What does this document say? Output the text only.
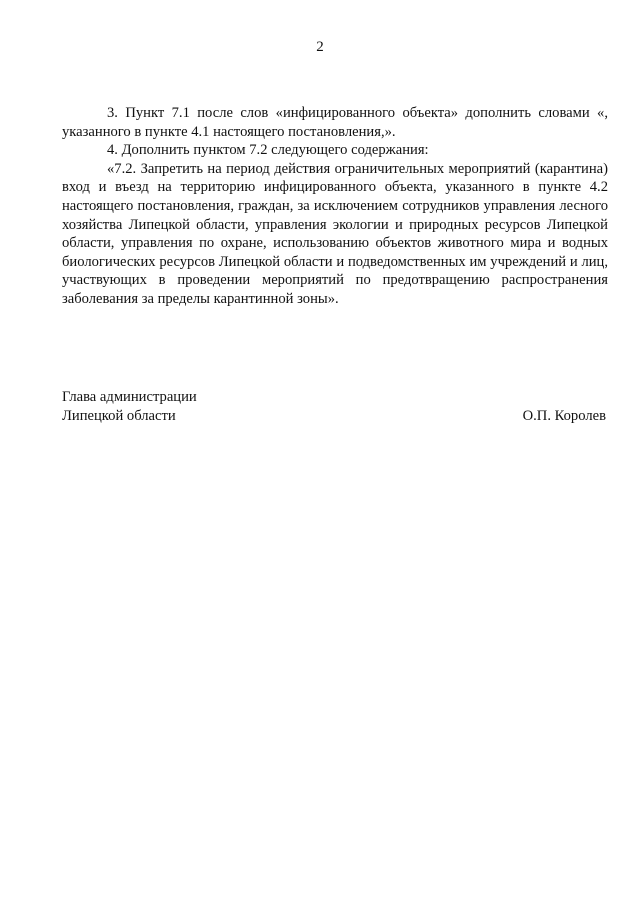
2

3. Пункт 7.1 после слов «инфицированного объекта» дополнить словами «, указанного в пункте 4.1 настоящего постановления,».

4. Дополнить пунктом 7.2 следующего содержания:

«7.2. Запретить на период действия ограничительных мероприятий (карантина) вход и въезд на территорию инфицированного объекта, указанного в пункте 4.2 настоящего постановления, граждан, за исключением сотрудников управления лесного хозяйства Липецкой области, управления экологии и природных ресурсов Липецкой области, управления по охране, использованию объектов животного мира и водных биологических ресурсов Липецкой области и подведомственных им учреждений и лиц, участвующих в проведении мероприятий по предотвращению распространения заболевания за пределы карантинной зоны».

Глава администрации
Липецкой области	О.П. Королев
